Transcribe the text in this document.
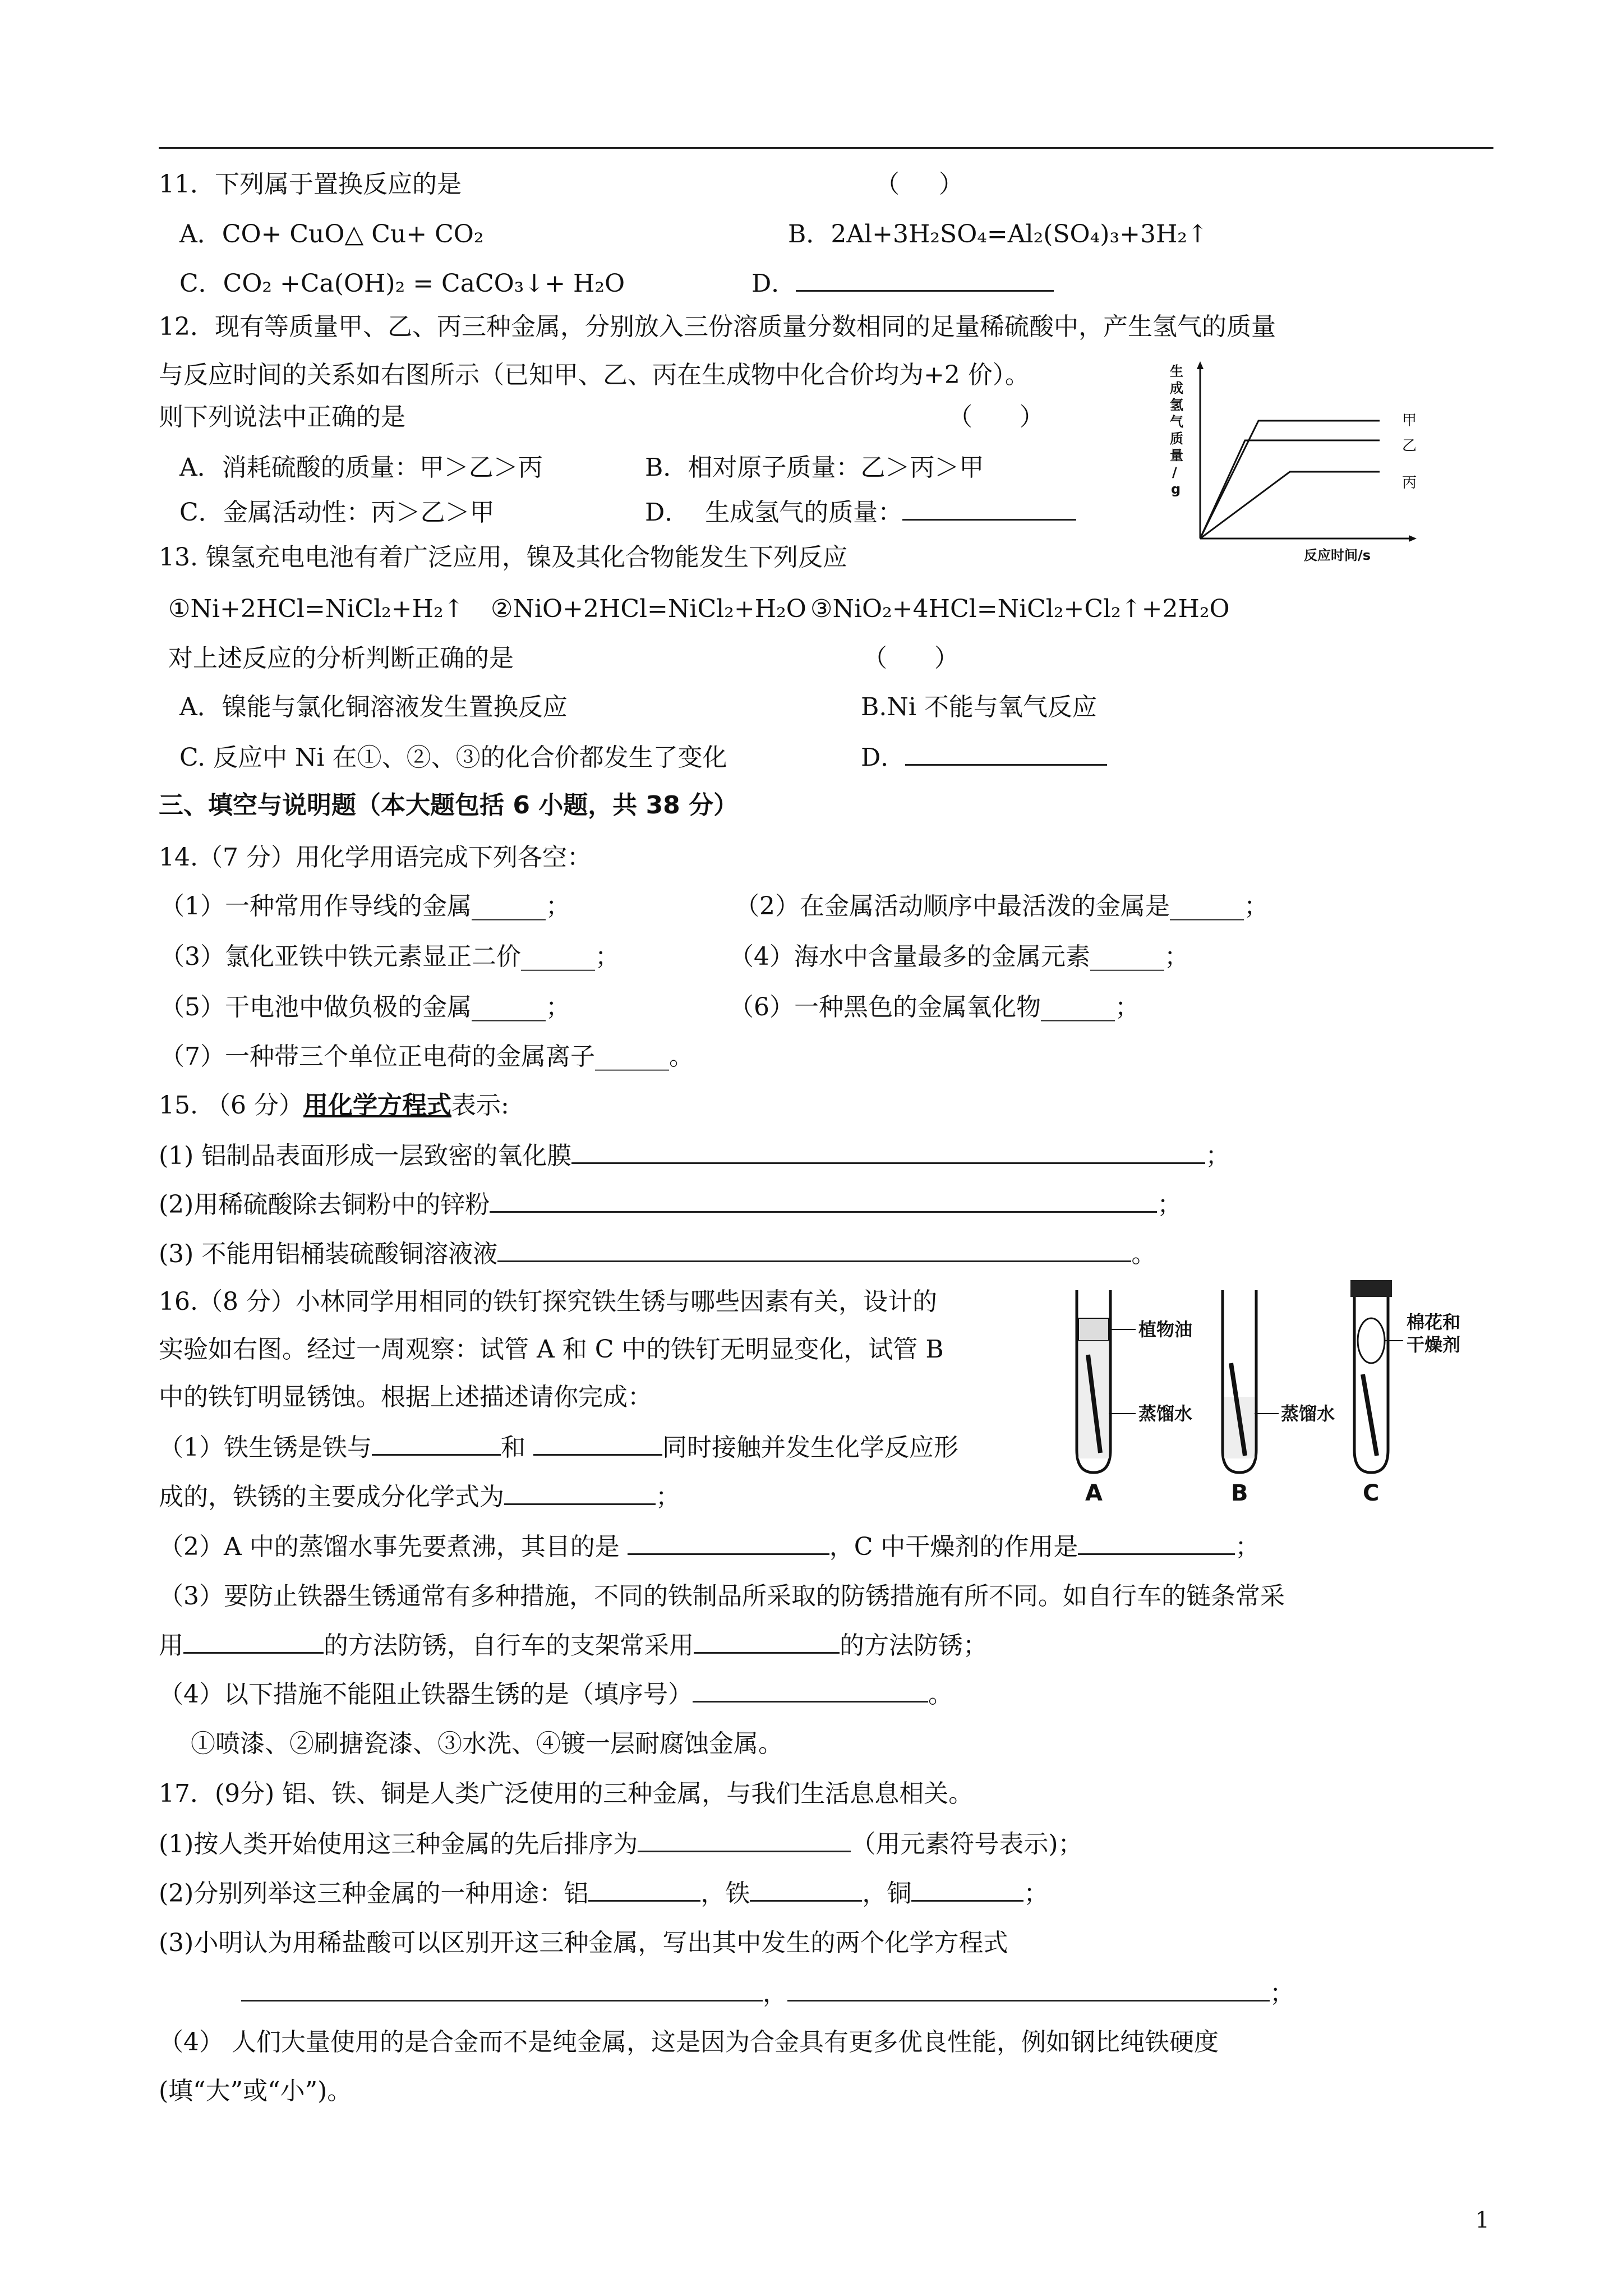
11．下列属于置换反应的是	（     ）
A．CO+ CuO△ Cu+ CO₂	B．2Al+3H₂SO₄=Al₂(SO₄)₃+3H₂↑
C．CO₂ +Ca(OH)₂ = CaCO₃↓+ H₂O	D．
12．现有等质量甲、乙、丙三种金属，分别放入三份溶质量分数相同的足量稀硫酸中，产生氢气的质量
与反应时间的关系如右图所示（已知甲、乙、丙在生成物中化合价均为+2 价）。
则下列说法中正确的是	（      ）
A．消耗硫酸的质量：甲＞乙＞丙	B．相对原子质量：乙＞丙＞甲
C．金属活动性：丙＞乙＞甲	D．  生成氢气的质量：
生
成
氢
气
质
量
/
g
反应时间/s
甲
乙
丙
13. 镍氢充电电池有着广泛应用，镍及其化合物能发生下列反应
①Ni+2HCl=NiCl₂+H₂↑ ②NiO+2HCl=NiCl₂+H₂O ③NiO₂+4HCl=NiCl₂+Cl₂↑+2H₂O
对上述反应的分析判断正确的是	（      ）
A．镍能与氯化铜溶液发生置换反应	B.Ni 不能与氧气反应
C. 反应中 Ni 在①、②、③的化合价都发生了变化	D．
三、填空与说明题（本大题包括 6 小题，共 38 分）
14.（7 分）用化学用语完成下列各空：
（1）一种常用作导线的金属______；	（2）在金属活动顺序中最活泼的金属是______；
（3）氯化亚铁中铁元素显正二价______；	（4）海水中含量最多的金属元素______；
（5）干电池中做负极的金属______；	（6）一种黑色的金属氧化物______；
（7）一种带三个单位正电荷的金属离子______。
15. （6 分）用化学方程式表示:
(1) 铝制品表面形成一层致密的氧化膜	；
(2)用稀硫酸除去铜粉中的锌粉	；
(3) 不能用铝桶装硫酸铜溶液液	。
16.（8 分）小林同学用相同的铁钉探究铁生锈与哪些因素有关，设计的
实验如右图。经过一周观察：试管 A 和 C 中的铁钉无明显变化，试管 B
中的铁钉明显锈蚀。根据上述描述请你完成：
（1）铁生锈是铁与	和	同时接触并发生化学反应形
成的，铁锈的主要成分化学式为	；
（2）A 中的蒸馏水事先要煮沸，其目的是	，C 中干燥剂的作用是	；
（3）要防止铁器生锈通常有多种措施，不同的铁制品所采取的防锈措施有所不同。如自行车的链条常采
用	的方法防锈，自行车的支架常采用	的方法防锈；
（4）以下措施不能阻止铁器生锈的是（填序号）	。
①喷漆、②刷搪瓷漆、③水洗、④镀一层耐腐蚀金属。
植物油
蒸馏水	蒸馏水
棉花和
干燥剂
A	B	C
17．(9分) 铝、铁、铜是人类广泛使用的三种金属，与我们生活息息相关。
(1)按人类开始使用这三种金属的先后排序为	（用元素符号表示)；
(2)分别列举这三种金属的一种用途：铝	，铁	，铜	；
(3)小明认为用稀盐酸可以区别开这三种金属，写出其中发生的两个化学方程式
，	；
（4） 人们大量使用的是合金而不是纯金属，这是因为合金具有更多优良性能，例如钢比纯铁硬度
(填“大”或“小”)。
1
